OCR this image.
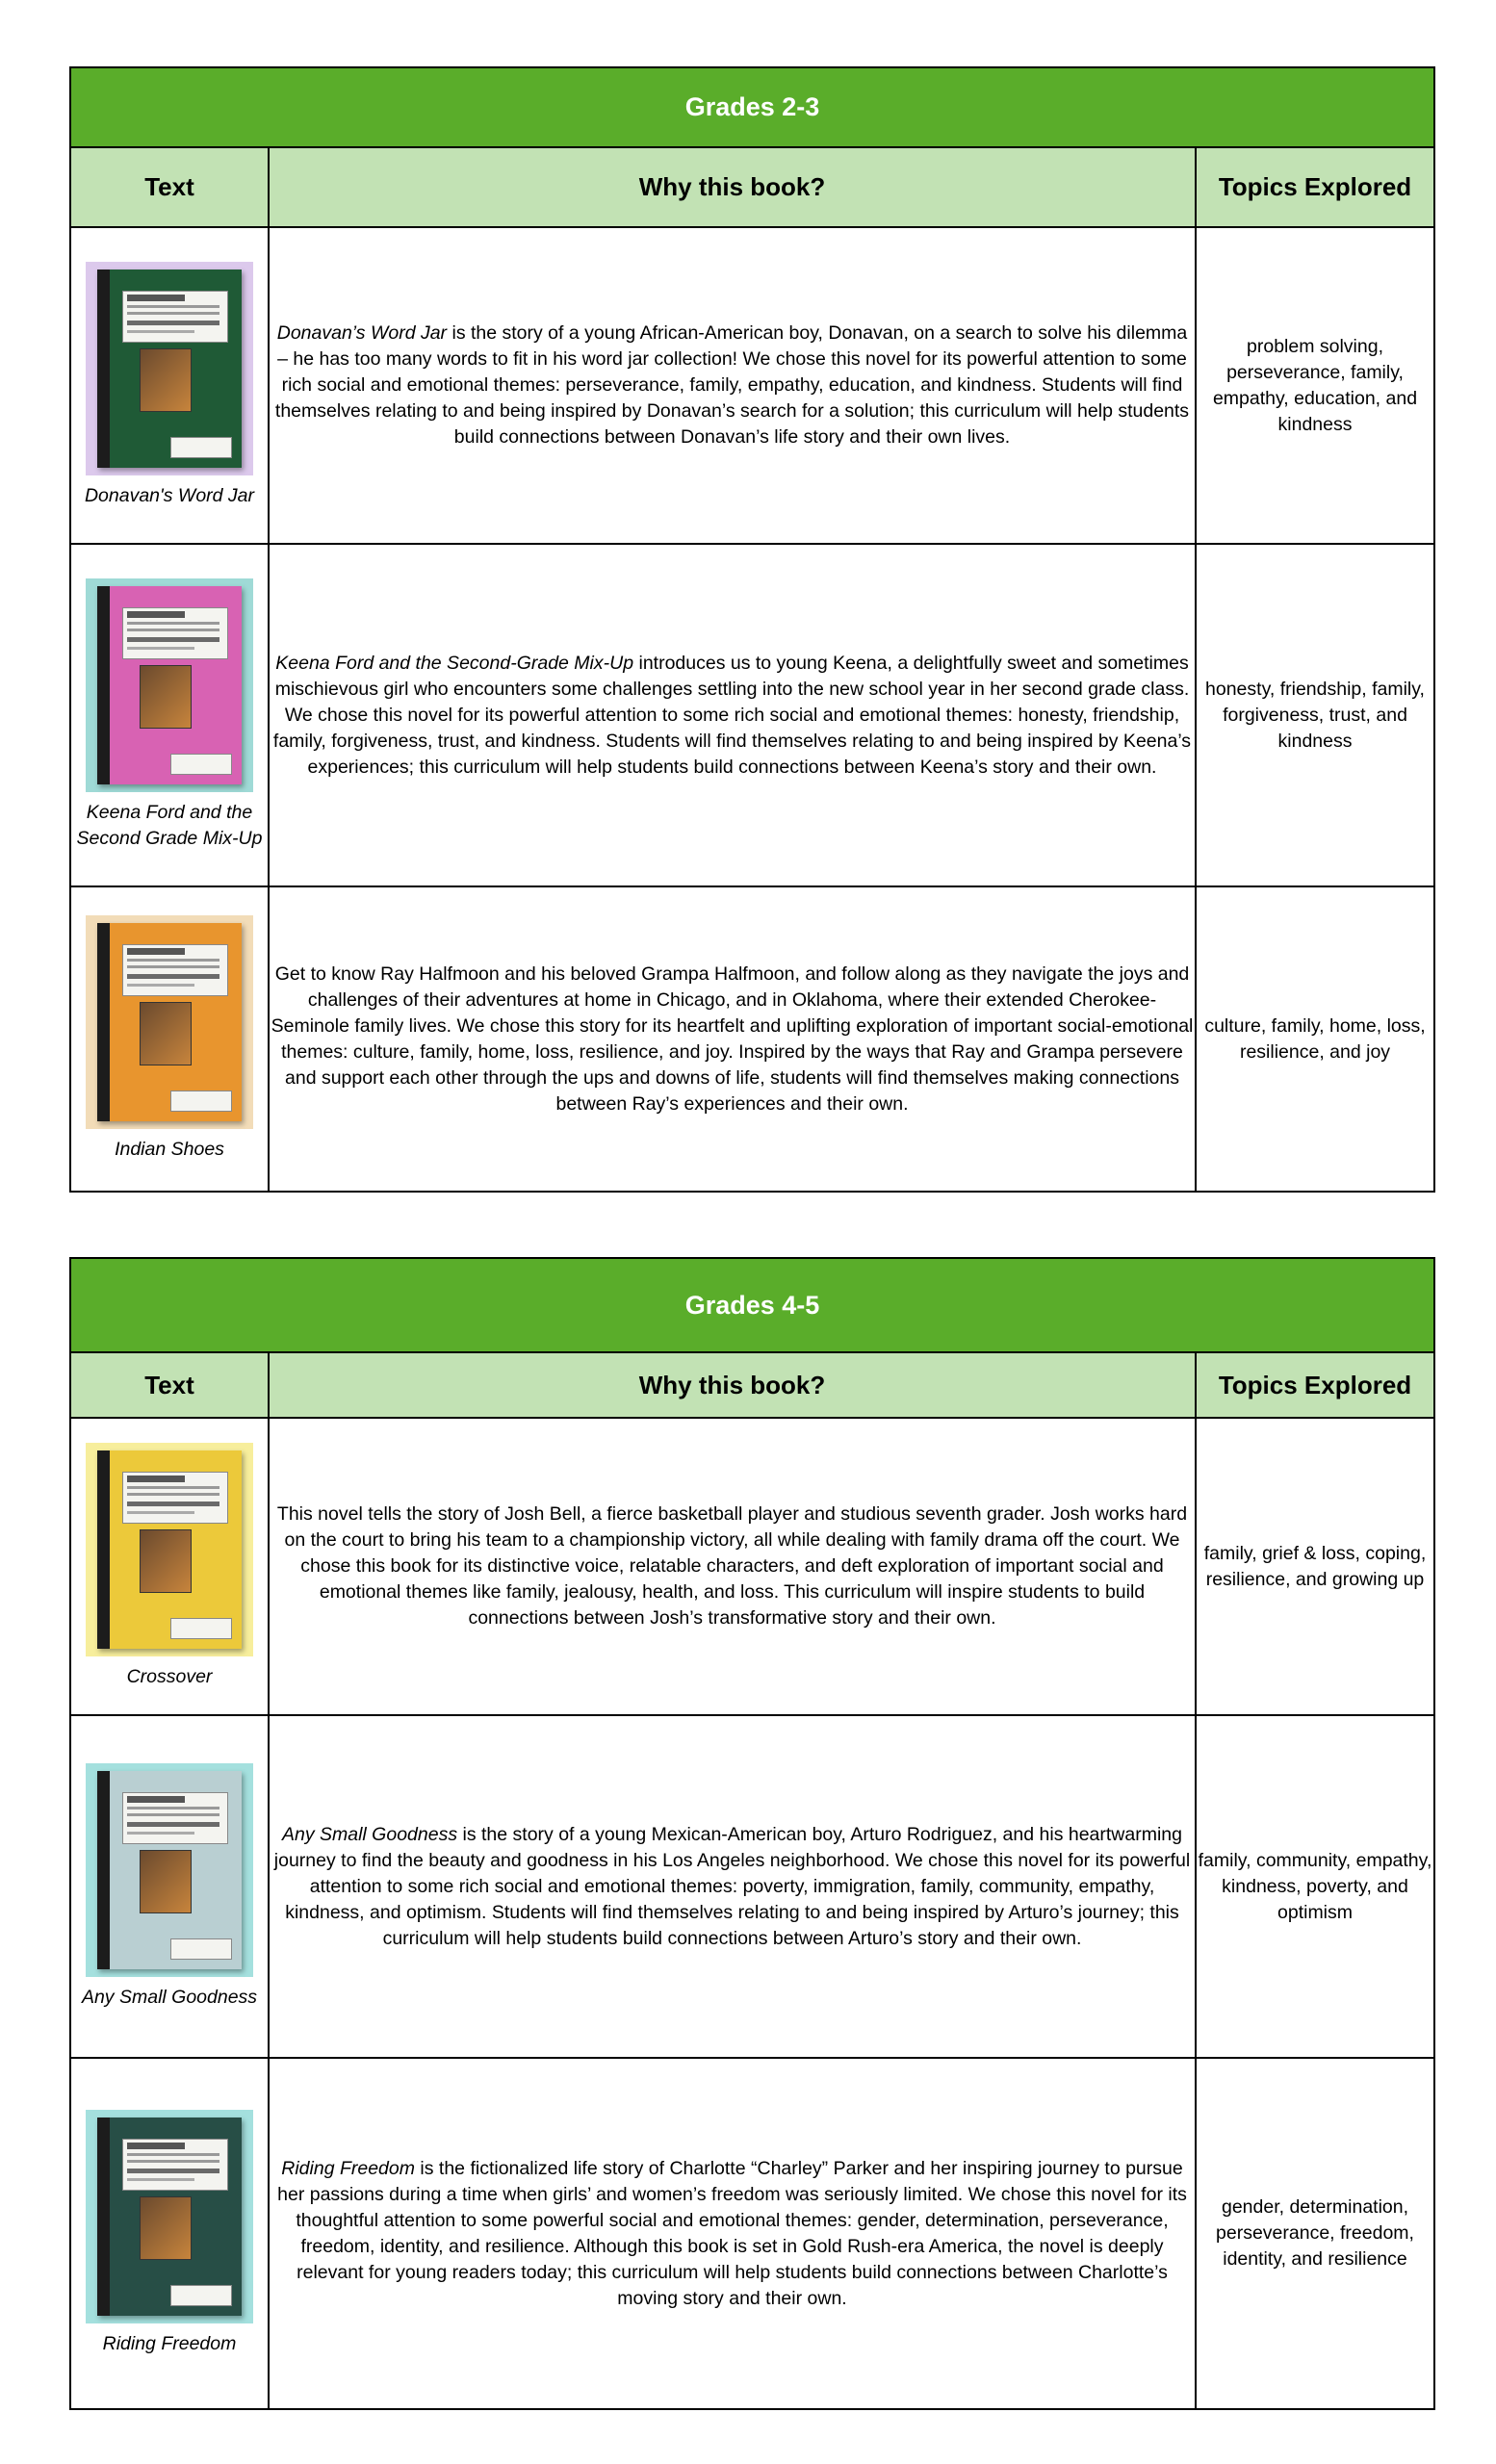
Grades 2-3		
Text	Why this book?	Topics Explored

Donavan's Word Jar	Donavan’s Word Jar is the story of a young African-American boy, Donavan, on a search to solve his dilemma – he has too many words to fit in his word jar collection! We chose this novel for its powerful attention to some rich social and emotional themes: perseverance, family, empathy, education, and kindness. Students will find themselves relating to and being inspired by Donavan’s search for a solution; this curriculum will help students build connections between Donavan’s life story and their own lives.	problem solving, perseverance, family, empathy, education, and kindness

Keena Ford and the Second Grade Mix-Up	Keena Ford and the Second-Grade Mix-Up introduces us to young Keena, a delightfully sweet and sometimes mischievous girl who encounters some challenges settling into the new school year in her second grade class. We chose this novel for its powerful attention to some rich social and emotional themes: honesty, friendship, family, forgiveness, trust, and kindness. Students will find themselves relating to and being inspired by Keena’s experiences; this curriculum will help students build connections between Keena’s story and their own.	honesty, friendship, family, forgiveness, trust, and kindness

Indian Shoes	Get to know Ray Halfmoon and his beloved Grampa Halfmoon, and follow along as they navigate the joys and challenges of their adventures at home in Chicago, and in Oklahoma, where their extended Cherokee-Seminole family lives. We chose this story for its heartfelt and uplifting exploration of important social-emotional themes: culture, family, home, loss, resilience, and joy. Inspired by the ways that Ray and Grampa persevere and support each other through the ups and downs of life, students will find themselves making connections between Ray’s experiences and their own.	culture, family, home, loss, resilience, and joy
Grades 4-5		
Text	Why this book?	Topics Explored

Crossover	This novel tells the story of Josh Bell, a fierce basketball player and studious seventh grader. Josh works hard on the court to bring his team to a championship victory, all while dealing with family drama off the court. We chose this book for its distinctive voice, relatable characters, and deft exploration of important social and emotional themes like family, jealousy, health, and loss. This curriculum will inspire students to build connections between Josh’s transformative story and their own.	family, grief & loss, coping, resilience, and growing up

Any Small Goodness	Any Small Goodness is the story of a young Mexican-American boy, Arturo Rodriguez, and his heartwarming journey to find the beauty and goodness in his Los Angeles neighborhood. We chose this novel for its powerful attention to some rich social and emotional themes: poverty, immigration, family, community, empathy, kindness, and optimism. Students will find themselves relating to and being inspired by Arturo’s journey; this curriculum will help students build connections between Arturo’s story and their own.	family, community, empathy, kindness, poverty, and optimism

Riding Freedom	Riding Freedom is the fictionalized life story of Charlotte “Charley” Parker and her inspiring journey to pursue her passions during a time when girls’ and women’s freedom was seriously limited. We chose this novel for its thoughtful attention to some powerful social and emotional themes: gender, determination, perseverance, freedom, identity, and resilience. Although this book is set in Gold Rush-era America, the novel is deeply relevant for young readers today; this curriculum will help students build connections between Charlotte’s moving story and their own.	gender, determination, perseverance, freedom, identity, and resilience
